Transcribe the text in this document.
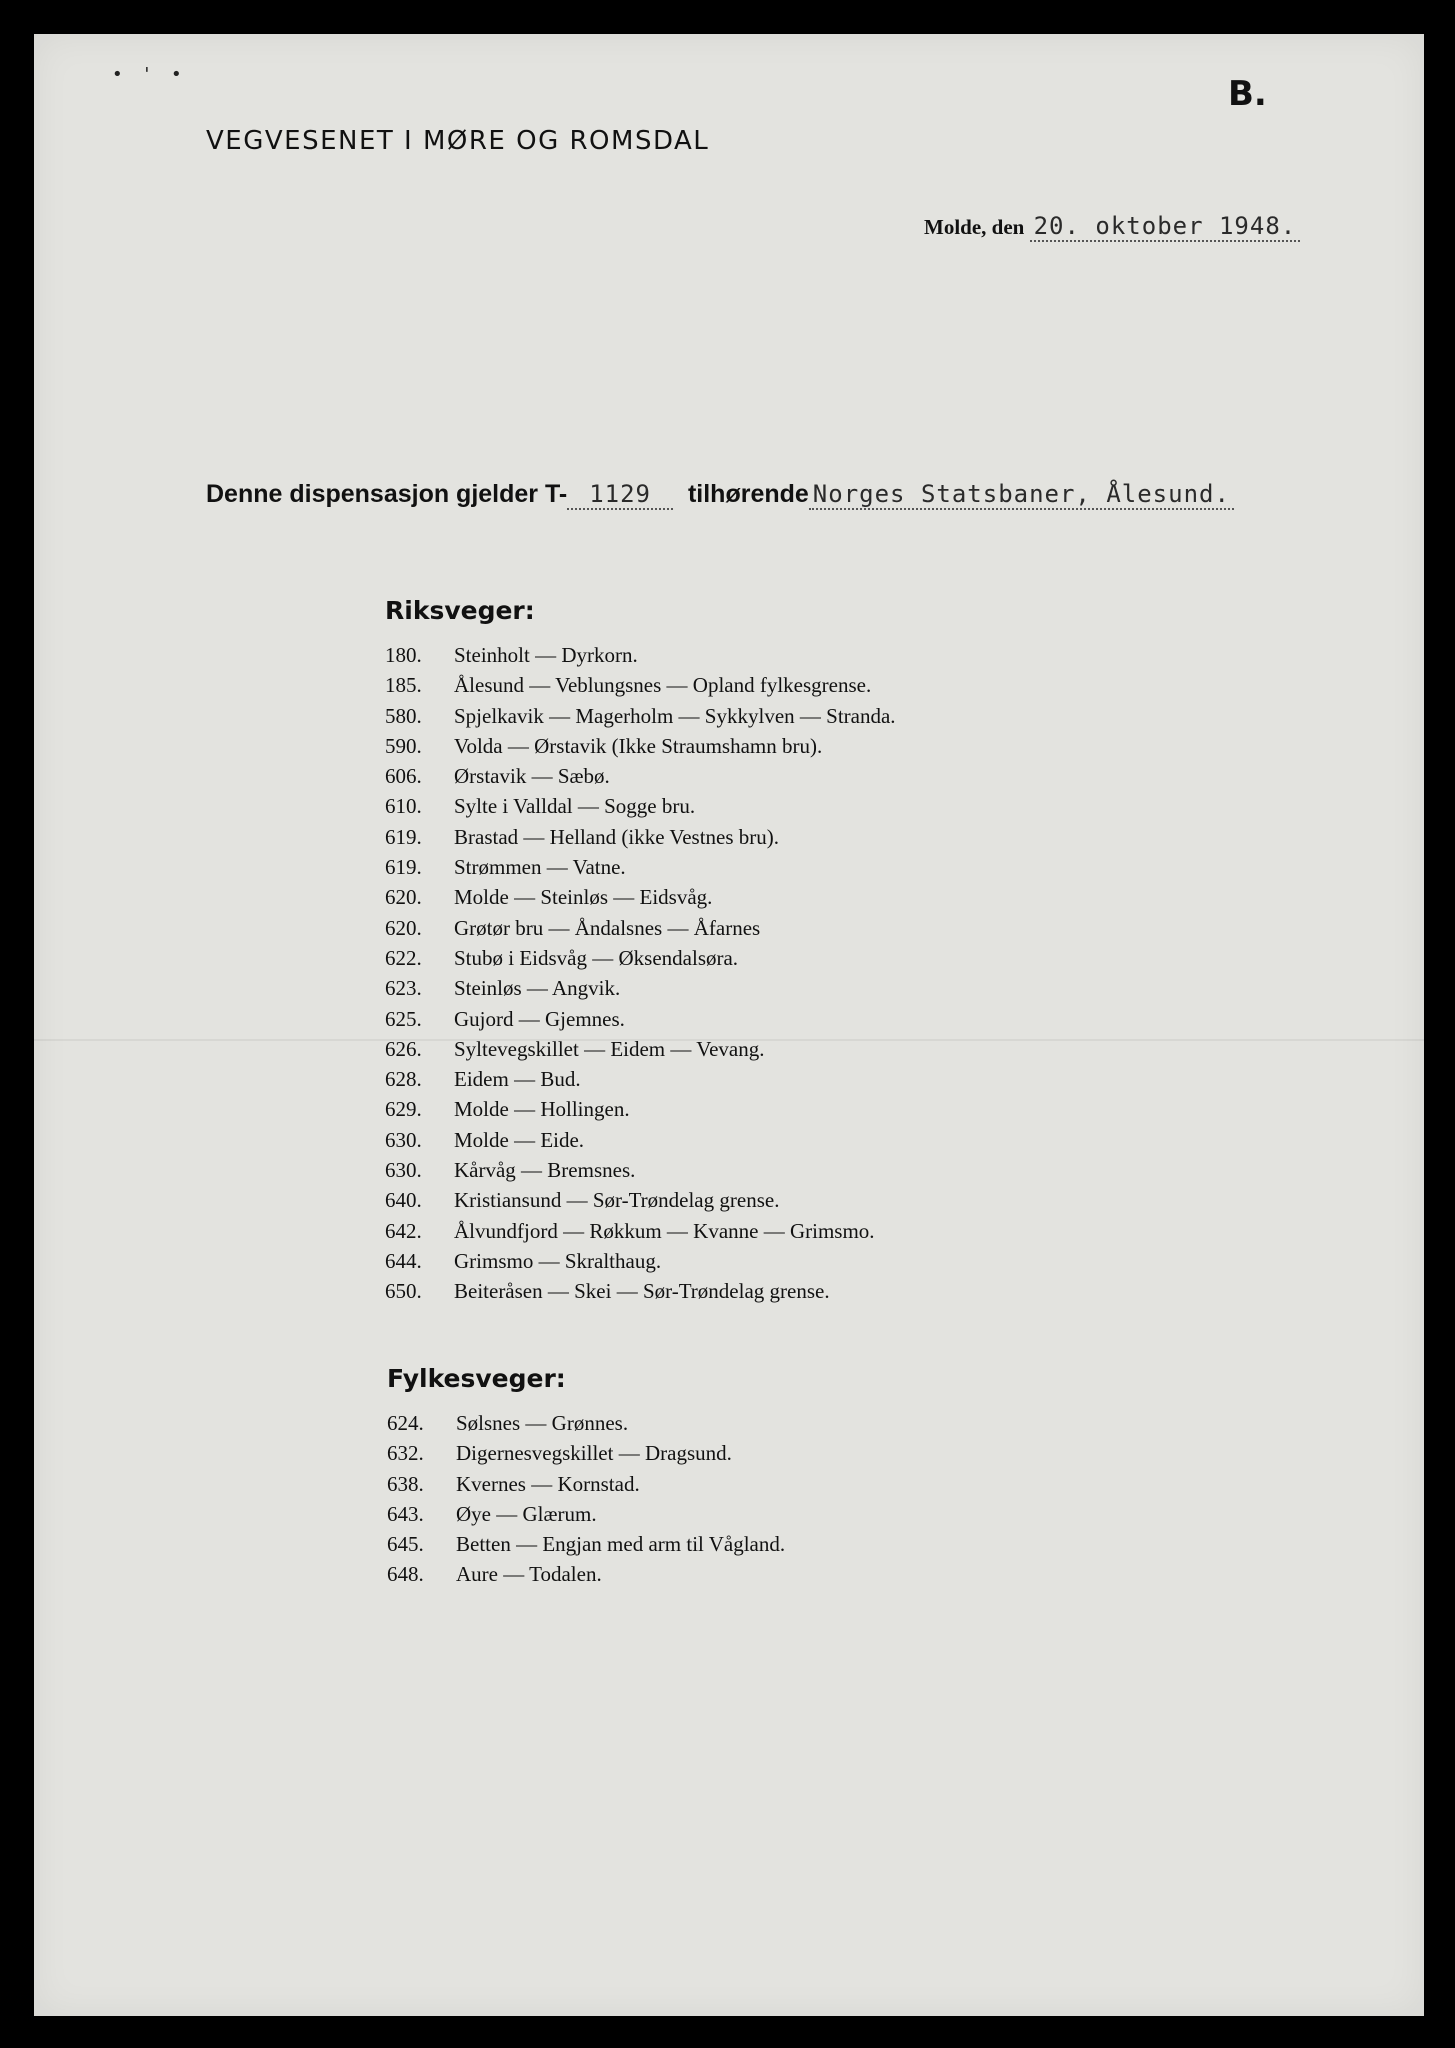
• ' •	B.
VEGVESENET I MØRE OG ROMSDAL
Molde, den 20. oktober 1948.
Denne dispensasjon gjelder T- 1129 tilhørende Norges Statsbaner, Ålesund.
Riksveger:
180. Steinholt — Dyrkorn.
185. Ålesund — Veblungsnes — Opland fylkesgrense.
580. Spjelkavik — Magerholm — Sykkylven — Stranda.
590. Volda — Ørstavik (Ikke Straumshamn bru).
606. Ørstavik — Sæbø.
610. Sylte i Valldal — Sogge bru.
619. Brastad — Helland (ikke Vestnes bru).
619. Strømmen — Vatne.
620. Molde — Steinløs — Eidsvåg.
620. Grøtør bru — Åndalsnes — Åfarnes
622. Stubø i Eidsvåg — Øksendalsøra.
623. Steinløs — Angvik.
625. Gujord — Gjemnes.
626. Syltevegskillet — Eidem — Vevang.
628. Eidem — Bud.
629. Molde — Hollingen.
630. Molde — Eide.
630. Kårvåg — Bremsnes.
640. Kristiansund — Sør-Trøndelag grense.
642. Ålvundfjord — Røkkum — Kvanne — Grimsmo.
644. Grimsmo — Skralthaug.
650. Beiteråsen — Skei — Sør-Trøndelag grense.
Fylkesveger:
624. Sølsnes — Grønnes.
632. Digernesvegskillet — Dragsund.
638. Kvernes — Kornstad.
643. Øye — Glærum.
645. Betten — Engjan med arm til Vågland.
648. Aure — Todalen.
